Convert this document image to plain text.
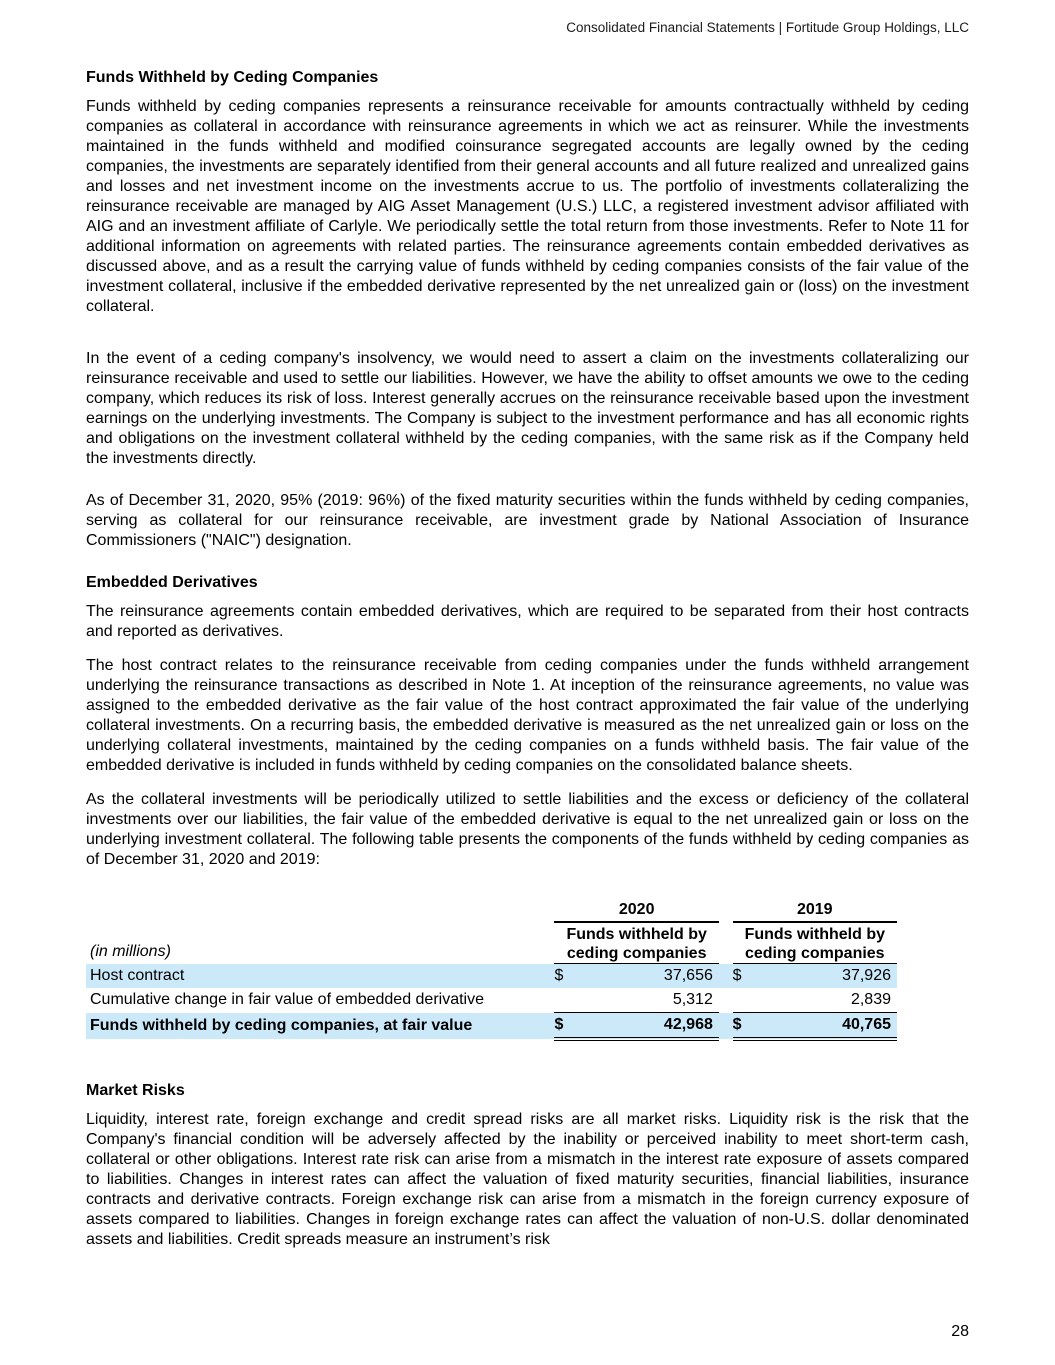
Consolidated Financial Statements | Fortitude Group Holdings, LLC
Funds Withheld by Ceding Companies

Funds withheld by ceding companies represents a reinsurance receivable for amounts contractually withheld by ceding companies as collateral in accordance with reinsurance agreements in which we act as reinsurer. While the investments maintained in the funds withheld and modified coinsurance segregated accounts are legally owned by the ceding companies, the investments are separately identified from their general accounts and all future realized and unrealized gains and losses and net investment income on the investments accrue to us. The portfolio of investments collateralizing the reinsurance receivable are managed by AIG Asset Management (U.S.) LLC, a registered investment advisor affiliated with AIG and an investment affiliate of Carlyle. We periodically settle the total return from those investments. Refer to Note 11 for additional information on agreements with related parties. The reinsurance agreements contain embedded derivatives as discussed above, and as a result the carrying value of funds withheld by ceding companies consists of the fair value of the investment collateral, inclusive if the embedded derivative represented by the net unrealized gain or (loss) on the investment collateral.

In the event of a ceding company's insolvency, we would need to assert a claim on the investments collateralizing our reinsurance receivable and used to settle our liabilities. However, we have the ability to offset amounts we owe to the ceding company, which reduces its risk of loss. Interest generally accrues on the reinsurance receivable based upon the investment earnings on the underlying investments. The Company is subject to the investment performance and has all economic rights and obligations on the investment collateral withheld by the ceding companies, with the same risk as if the Company held the investments directly.

As of December 31, 2020, 95% (2019: 96%) of the fixed maturity securities within the funds withheld by ceding companies, serving as collateral for our reinsurance receivable, are investment grade by National Association of Insurance Commissioners ("NAIC") designation.

Embedded Derivatives

The reinsurance agreements contain embedded derivatives, which are required to be separated from their host contracts and reported as derivatives.

The host contract relates to the reinsurance receivable from ceding companies under the funds withheld arrangement underlying the reinsurance transactions as described in Note 1. At inception of the reinsurance agreements, no value was assigned to the embedded derivative as the fair value of the host contract approximated the fair value of the underlying collateral investments. On a recurring basis, the embedded derivative is measured as the net unrealized gain or loss on the underlying collateral investments, maintained by the ceding companies on a funds withheld basis. The fair value of the embedded derivative is included in funds withheld by ceding companies on the consolidated balance sheets.

As the collateral investments will be periodically utilized to settle liabilities and the excess or deficiency of the collateral investments over our liabilities, the fair value of the embedded derivative is equal to the net unrealized gain or loss on the underlying investment collateral. The following table presents the components of the funds withheld by ceding companies as of December 31, 2020 and 2019:

	2020			2019	
(in millions)	Funds withheld by ceding companies			Funds withheld by ceding companies	
Host contract	$	37,656		$	37,926
Cumulative change in fair value of embedded derivative		5,312			2,839
Funds withheld by ceding companies, at fair value	$	42,968		$	40,765
Market Risks

Liquidity, interest rate, foreign exchange and credit spread risks are all market risks. Liquidity risk is the risk that the Company's financial condition will be adversely affected by the inability or perceived inability to meet short-term cash, collateral or other obligations. Interest rate risk can arise from a mismatch in the interest rate exposure of assets compared to liabilities. Changes in interest rates can affect the valuation of fixed maturity securities, financial liabilities, insurance contracts and derivative contracts. Foreign exchange risk can arise from a mismatch in the foreign currency exposure of assets compared to liabilities. Changes in foreign exchange rates can affect the valuation of non-U.S. dollar denominated assets and liabilities. Credit spreads measure an instrument’s risk

28
